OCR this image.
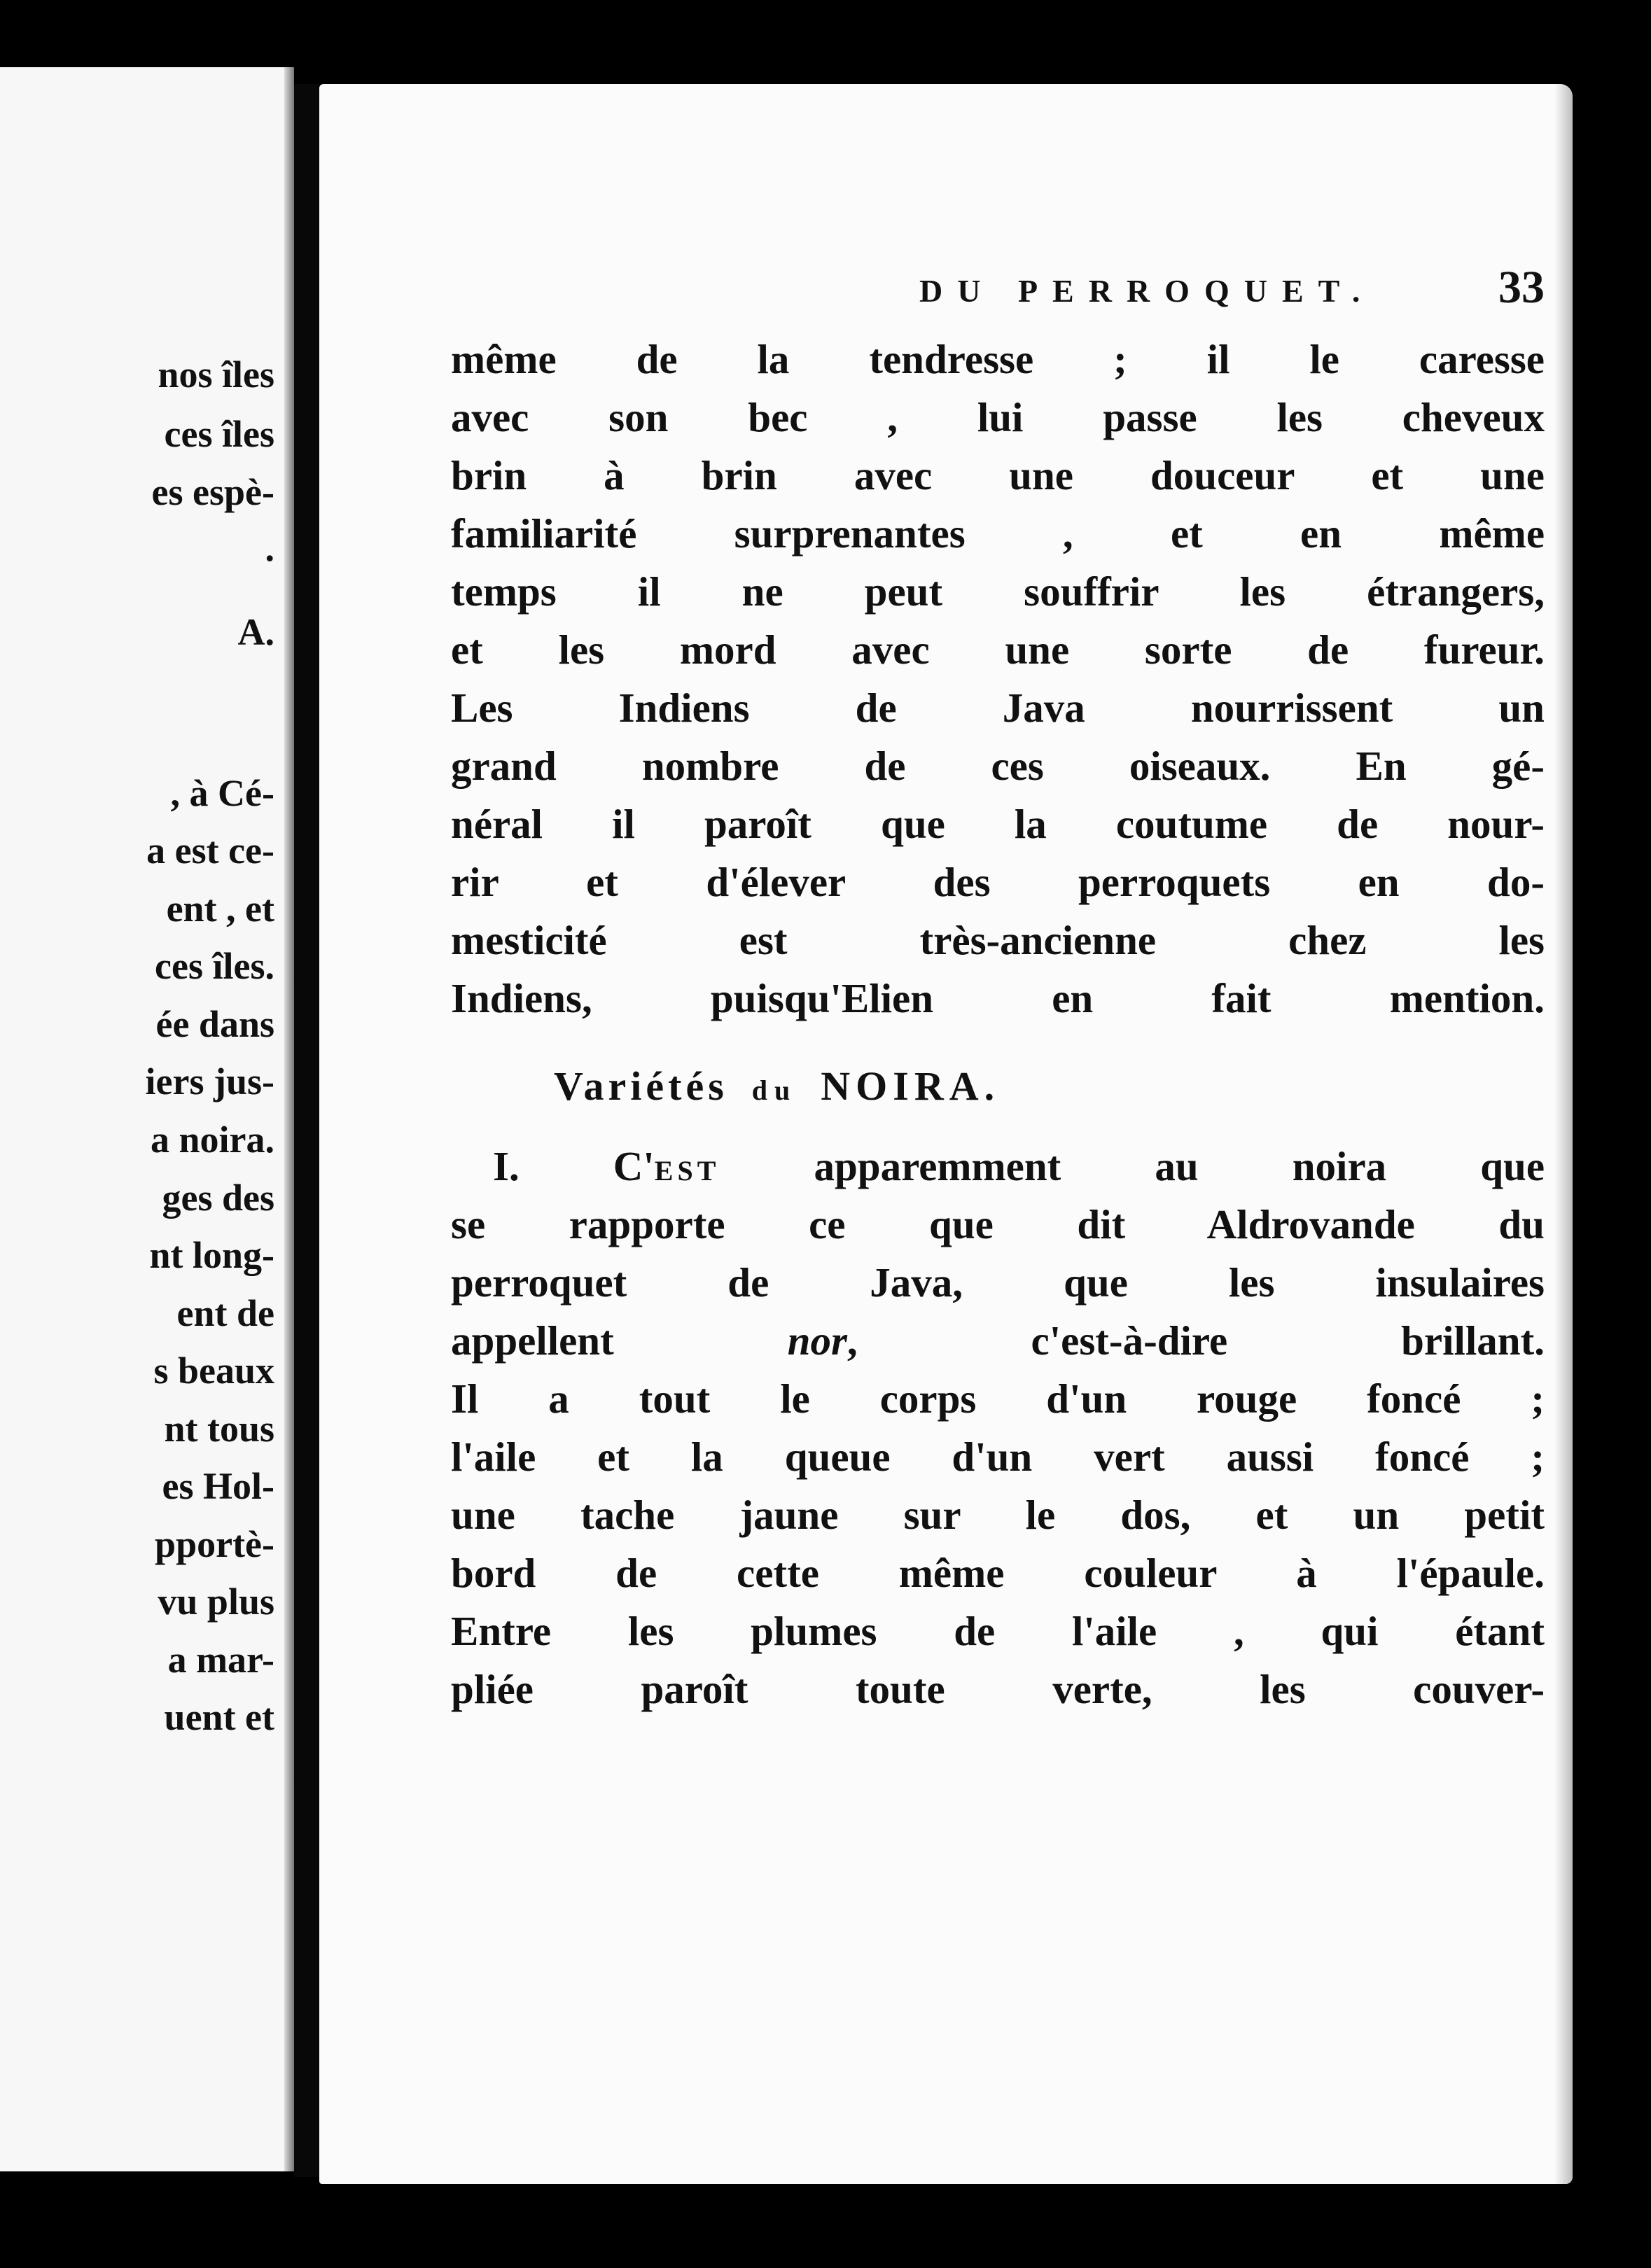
nos îles
ces îles
es espè-
.
A.
, à Cé-
a est ce-
ent , et
ces îles.
ée dans
iers jus-
a noira.
ges des
nt long-
ent de
s beaux
nt tous
es Hol-
pportè-
vu plus
a mar-
uent et
DU PERROQUET.	33
même de la tendresse ; il le caresse
avec son bec , lui passe les cheveux
brin à brin avec une douceur et une
familiarité surprenantes , et en même
temps il ne peut souffrir les étrangers,
et les mord avec une sorte de fureur.
Les Indiens de Java nourrissent un
grand nombre de ces oiseaux. En gé-
néral il paroît que la coutume de nour-
rir et d'élever des perroquets en do-
mesticité est très-ancienne chez les
Indiens, puisqu'Elien en fait mention.
Variétés du NOIRA.
I. C'EST apparemment au noira que
se rapporte ce que dit Aldrovande du
perroquet de Java, que les insulaires
appellent	nor, c'est-à-dire brillant.
Il a tout le corps d'un rouge foncé ;
l'aile et la queue d'un vert aussi foncé ;
une tache jaune sur le dos, et un petit
bord de cette même couleur à l'épaule.
Entre les plumes de l'aile , qui étant
pliée paroît toute verte, les couver-
